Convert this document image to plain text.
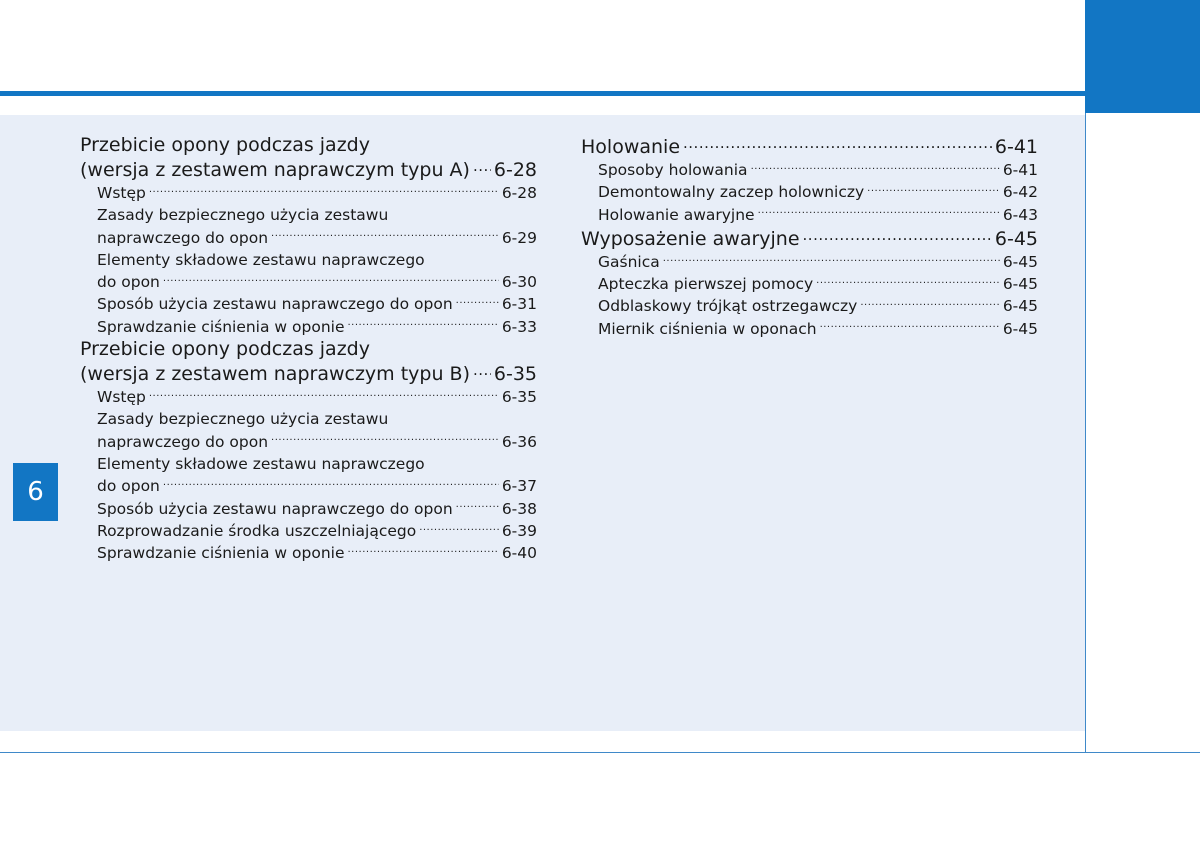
6
Przebicie opony podczas jazdy
(wersja z zestawem naprawczym typu A) ..... 6-28
Wstęp .....	6-28
Zasady bezpiecznego użycia zestawu
naprawczego do opon .....	6-29
Elementy składowe zestawu naprawczego
do opon .....	6-30
Sposób użycia zestawu naprawczego do opon .....	6-31
Sprawdzanie ciśnienia w oponie .....	6-33
Przebicie opony podczas jazdy
(wersja z zestawem naprawczym typu B) ..... 6-35
Wstęp .....	6-35
Zasady bezpiecznego użycia zestawu
naprawczego do opon .....	6-36
Elementy składowe zestawu naprawczego
do opon .....	6-37
Sposób użycia zestawu naprawczego do opon .....	6-38
Rozprowadzanie środka uszczelniającego .....	6-39
Sprawdzanie ciśnienia w oponie .....	6-40
Holowanie .....	6-41
Sposoby holowania .....	6-41
Demontowalny zaczep holowniczy .....	6-42
Holowanie awaryjne .....	6-43
Wyposażenie awaryjne .....	6-45
Gaśnica .....	6-45
Apteczka pierwszej pomocy .....	6-45
Odblaskowy trójkąt ostrzegawczy .....	6-45
Miernik ciśnienia w oponach .....	6-45
